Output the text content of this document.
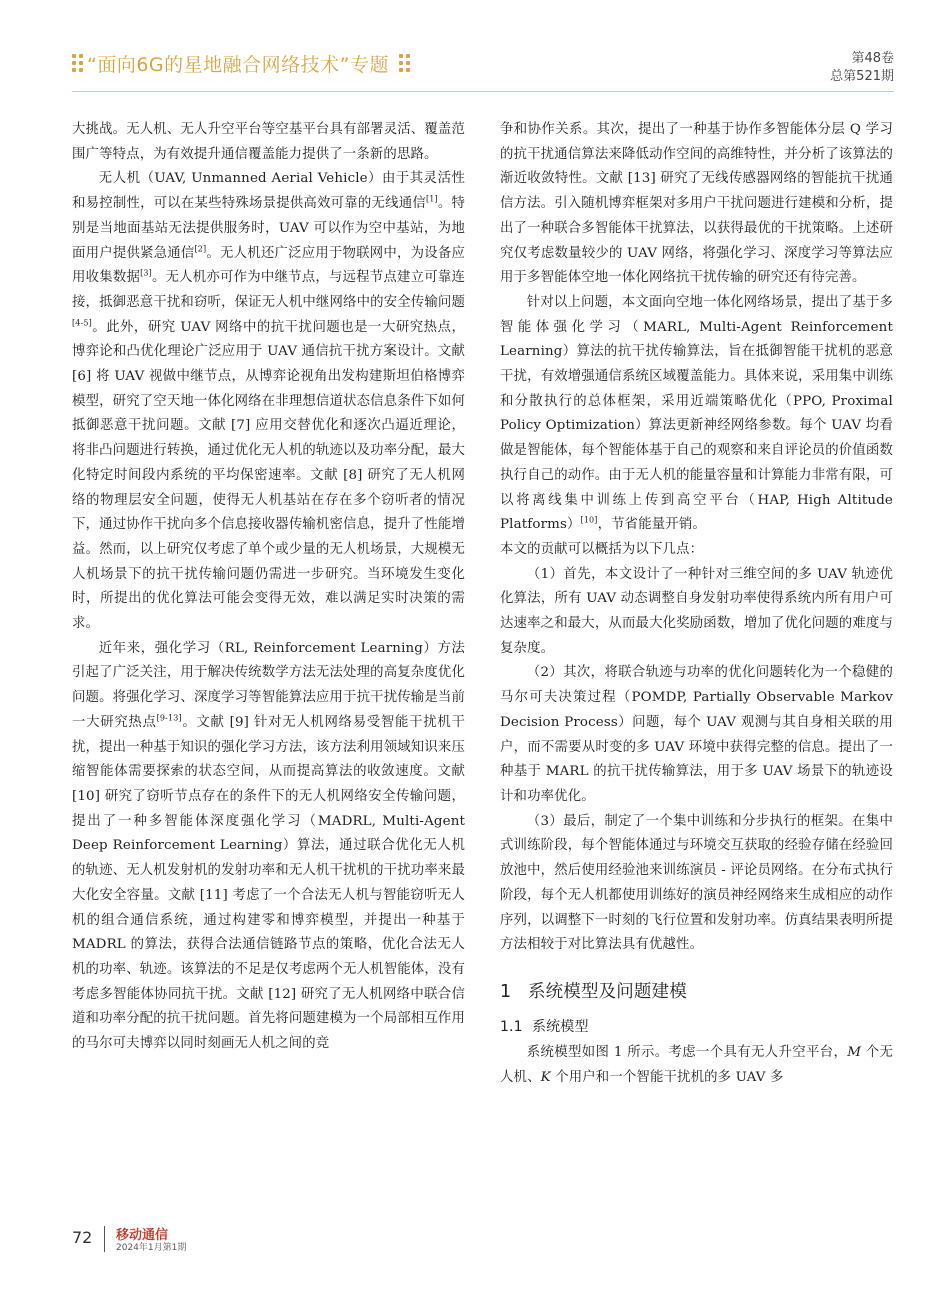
“面向6G的星地融合网络技术”专题	第48卷
总第521期

大挑战。无人机、无人升空平台等空基平台具有部署灵活、覆盖范围广等特点，为有效提升通信覆盖能力提供了一条新的思路。

无人机（UAV, Unmanned Aerial Vehicle）由于其灵活性和易控制性，可以在某些特殊场景提供高效可靠的无线通信[1]。特别是当地面基站无法提供服务时，UAV 可以作为空中基站，为地面用户提供紧急通信[2]。无人机还广泛应用于物联网中，为设备应用收集数据[3]。无人机亦可作为中继节点，与远程节点建立可靠连接，抵御恶意干扰和窃听，保证无人机中继网络中的安全传输问题[4-5]。此外，研究 UAV 网络中的抗干扰问题也是一大研究热点，博弈论和凸优化理论广泛应用于 UAV 通信抗干扰方案设计。文献 [6] 将 UAV 视做中继节点，从博弈论视角出发构建斯坦伯格博弈模型，研究了空天地一体化网络在非理想信道状态信息条件下如何抵御恶意干扰问题。文献 [7] 应用交替优化和逐次凸逼近理论，将非凸问题进行转换，通过优化无人机的轨迹以及功率分配，最大化特定时间段内系统的平均保密速率。文献 [8] 研究了无人机网络的物理层安全问题，使得无人机基站在存在多个窃听者的情况下，通过协作干扰向多个信息接收器传输机密信息，提升了性能增益。然而，以上研究仅考虑了单个或少量的无人机场景，大规模无人机场景下的抗干扰传输问题仍需进一步研究。当环境发生变化时，所提出的优化算法可能会变得无效，难以满足实时决策的需求。

近年来，强化学习（RL, Reinforcement Learning）方法引起了广泛关注，用于解决传统数学方法无法处理的高复杂度优化问题。将强化学习、深度学习等智能算法应用于抗干扰传输是当前一大研究热点[9-13]。文献 [9] 针对无人机网络易受智能干扰机干扰，提出一种基于知识的强化学习方法，该方法利用领域知识来压缩智能体需要探索的状态空间，从而提高算法的收敛速度。文献 [10] 研究了窃听节点存在的条件下的无人机网络安全传输问题，提出了一种多智能体深度强化学习（MADRL, Multi-Agent Deep Reinforcement Learning）算法，通过联合优化无人机的轨迹、无人机发射机的发射功率和无人机干扰机的干扰功率来最大化安全容量。文献 [11] 考虑了一个合法无人机与智能窃听无人机的组合通信系统，通过构建零和博弈模型，并提出一种基于 MADRL 的算法，获得合法通信链路节点的策略，优化合法无人机的功率、轨迹。该算法的不足是仅考虑两个无人机智能体，没有考虑多智能体协同抗干扰。文献 [12] 研究了无人机网络中联合信道和功率分配的抗干扰问题。首先将问题建模为一个局部相互作用的马尔可夫博弈以同时刻画无人机之间的竞

争和协作关系。其次，提出了一种基于协作多智能体分层 Q 学习的抗干扰通信算法来降低动作空间的高维特性，并分析了该算法的渐近收敛特性。文献 [13] 研究了无线传感器网络的智能抗干扰通信方法。引入随机博弈框架对多用户干扰问题进行建模和分析，提出了一种联合多智能体干扰算法，以获得最优的干扰策略。上述研究仅考虑数量较少的 UAV 网络，将强化学习、深度学习等算法应用于多智能体空地一体化网络抗干扰传输的研究还有待完善。

针对以上问题，本文面向空地一体化网络场景，提出了基于多智能体强化学习（MARL, Multi-Agent Reinforcement Learning）算法的抗干扰传输算法，旨在抵御智能干扰机的恶意干扰，有效增强通信系统区域覆盖能力。具体来说，采用集中训练和分散执行的总体框架，采用近端策略优化（PPO, Proximal Policy Optimization）算法更新神经网络参数。每个 UAV 均看做是智能体，每个智能体基于自己的观察和来自评论员的价值函数执行自己的动作。由于无人机的能量容量和计算能力非常有限，可以将离线集中训练上传到高空平台（HAP, High Altitude Platforms）[10]，节省能量开销。

本文的贡献可以概括为以下几点：

（1）首先，本文设计了一种针对三维空间的多 UAV 轨迹优化算法，所有 UAV 动态调整自身发射功率使得系统内所有用户可达速率之和最大，从而最大化奖励函数，增加了优化问题的难度与复杂度。

（2）其次，将联合轨迹与功率的优化问题转化为一个稳健的马尔可夫决策过程（POMDP, Partially Observable Markov Decision Process）问题，每个 UAV 观测与其自身相关联的用户，而不需要从时变的多 UAV 环境中获得完整的信息。提出了一种基于 MARL 的抗干扰传输算法，用于多 UAV 场景下的轨迹设计和功率优化。

（3）最后，制定了一个集中训练和分步执行的框架。在集中式训练阶段，每个智能体通过与环境交互获取的经验存储在经验回放池中，然后使用经验池来训练演员 - 评论员网络。在分布式执行阶段，每个无人机都使用训练好的演员神经网络来生成相应的动作序列，以调整下一时刻的飞行位置和发射功率。仿真结果表明所提方法相较于对比算法具有优越性。

1 系统模型及问题建模
1.1 系统模型

系统模型如图 1 所示。考虑一个具有无人升空平台，M 个无人机、K 个用户和一个智能干扰机的多 UAV 多

72 移动通信
2024年1月第1期
